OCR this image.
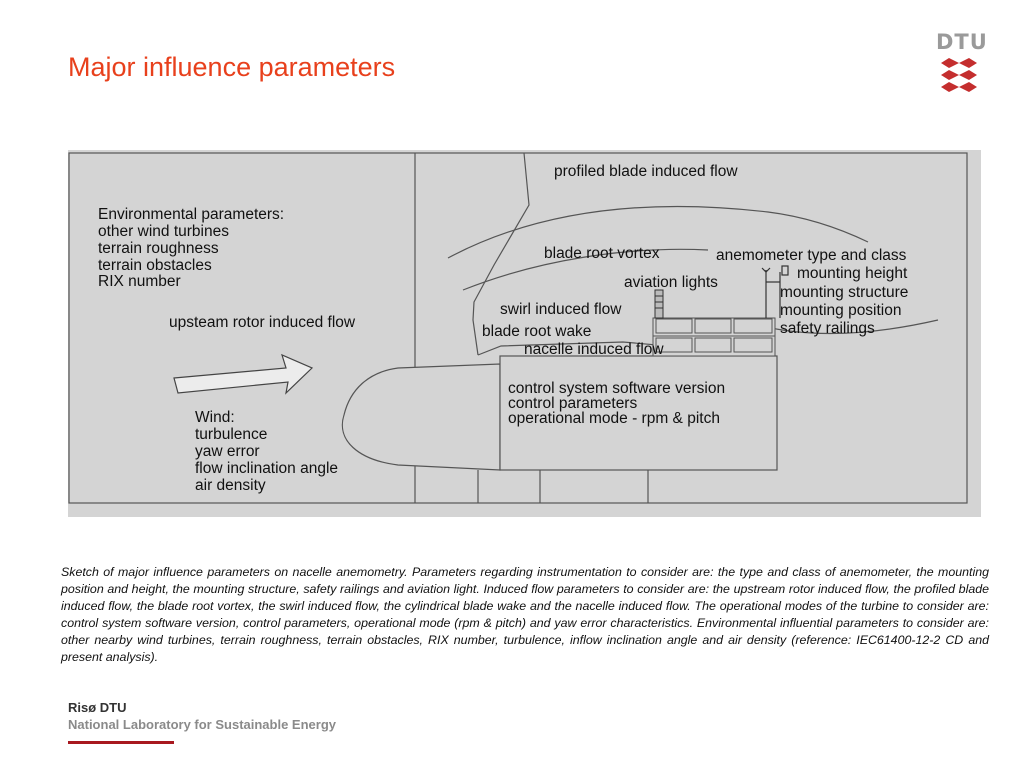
Major influence parameters
DTU
profiled blade induced flow
Environmental parameters:
other wind turbines
terrain roughness
terrain obstacles
RIX number
upsteam rotor induced flow
blade root vortex	anemometer type and class
mounting height
mounting structure
mounting position
safety railings
aviation lights
swirl induced flow
blade root wake
nacelle induced flow
control system software version
control parameters
operational mode - rpm & pitch
Wind:
turbulence
yaw error
flow inclination angle
air density

Sketch of major influence parameters on nacelle anemometry. Parameters regarding instrumentation to consider are: the type and class of anemometer, the mounting position and height, the mounting structure, safety railings and aviation light. Induced flow parameters to consider are: the upstream rotor induced flow, the profiled blade induced flow, the blade root vortex, the swirl induced flow, the cylindrical blade wake and the nacelle induced flow. The operational modes of the turbine to consider are: control system software version, control parameters, operational mode (rpm & pitch) and yaw error characteristics. Environmental influential parameters to consider are: other nearby wind turbines, terrain roughness, terrain obstacles, RIX number, turbulence, inflow inclination angle and air density (reference: IEC61400-12-2 CD and present analysis).

Risø DTU
National Laboratory for Sustainable Energy
